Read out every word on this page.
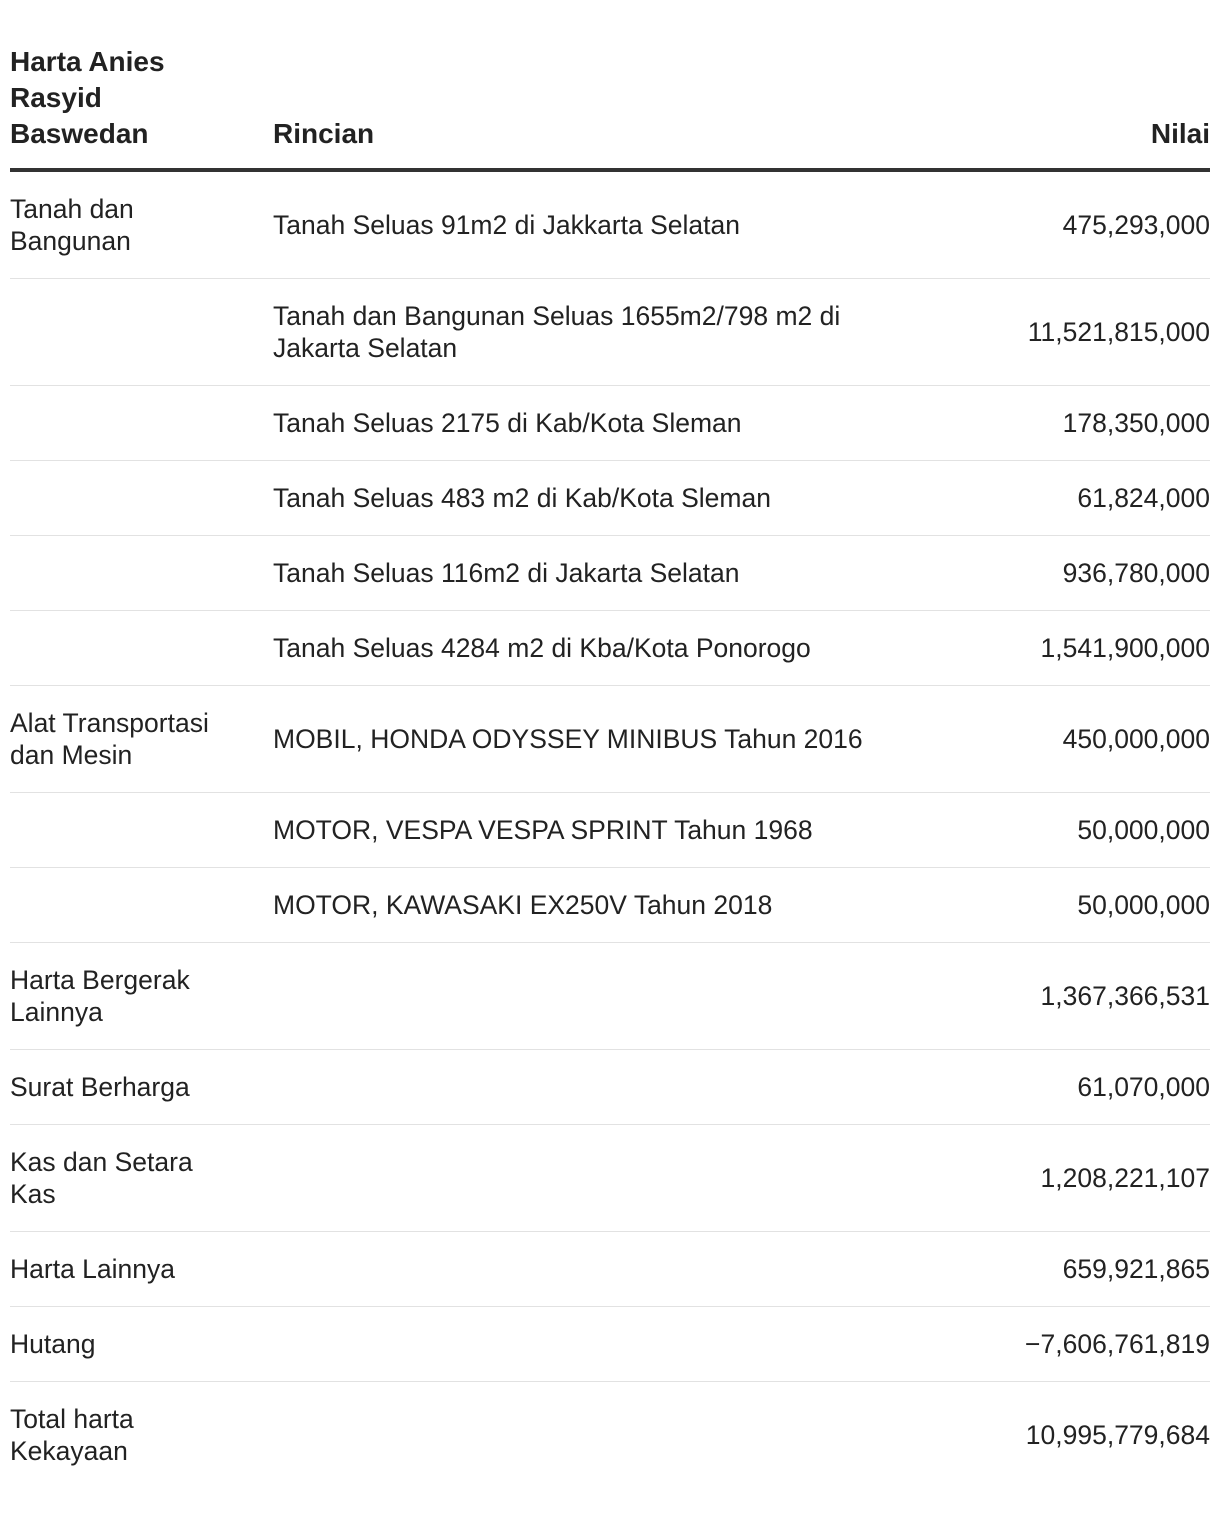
Harta Anies Rasyid Baswedan	Rincian	Nilai
Tanah dan Bangunan	Tanah Seluas 91m2 di Jakkarta Selatan	475,293,000
	Tanah dan Bangunan Seluas 1655m2/798 m2 di Jakarta Selatan	11,521,815,000
	Tanah Seluas 2175 di Kab/Kota Sleman	178,350,000
	Tanah Seluas 483 m2 di Kab/Kota Sleman	61,824,000
	Tanah Seluas 116m2 di Jakarta Selatan	936,780,000
	Tanah Seluas 4284 m2 di Kba/Kota Ponorogo	1,541,900,000
Alat Transportasi dan Mesin	MOBIL, HONDA ODYSSEY MINIBUS Tahun 2016	450,000,000
	MOTOR, VESPA VESPA SPRINT Tahun 1968	50,000,000
	MOTOR, KAWASAKI EX250V Tahun 2018	50,000,000
Harta Bergerak Lainnya		1,367,366,531
Surat Berharga		61,070,000
Kas dan Setara Kas		1,208,221,107
Harta Lainnya		659,921,865
Hutang		−7,606,761,819
Total harta Kekayaan		10,995,779,684
